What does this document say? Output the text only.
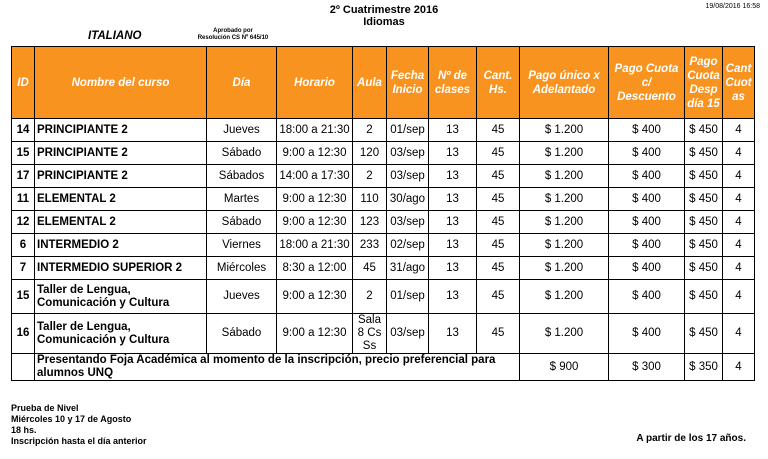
2º Cuatrimestre 2016
Idiomas
19/08/2016 16:58
ITALIANO	Aprobado por
Resolución CS Nº 645/10
ID	Nombre del curso	Día	Horario	Aula	Fecha Inicio	Nº de clases	Cant. Hs.	Pago único x Adelantado	Pago Cuota c/ Descuento	Pago Cuota Desp día 15	Cant Cuot as
14	PRINCIPIANTE 2	Jueves	18:00 a 21:30	2	01/sep	13	45	$ 1.200	$ 400	$ 450	4
15	PRINCIPIANTE 2	Sábado	9:00 a 12:30	120	03/sep	13	45	$ 1.200	$ 400	$ 450	4
17	PRINCIPIANTE 2	Sábados	14:00 a 17:30	2	03/sep	13	45	$ 1.200	$ 400	$ 450	4
11	ELEMENTAL 2	Martes	9:00 a 12:30	110	30/ago	13	45	$ 1.200	$ 400	$ 450	4
12	ELEMENTAL 2	Sábado	9:00 a 12:30	123	03/sep	13	45	$ 1.200	$ 400	$ 450	4
6	INTERMEDIO 2	Viernes	18:00 a 21:30	233	02/sep	13	45	$ 1.200	$ 400	$ 450	4
7	INTERMEDIO SUPERIOR 2	Miércoles	8:30 a 12:00	45	31/ago	13	45	$ 1.200	$ 400	$ 450	4
15	Taller de Lengua, Comunicación y Cultura	Jueves	9:00 a 12:30	2	01/sep	13	45	$ 1.200	$ 400	$ 450	4
16	Taller de Lengua, Comunicación y Cultura	Sábado	9:00 a 12:30	Sala 8 Cs Ss	03/sep	13	45	$ 1.200	$ 400	$ 450	4
	Presentando Foja Académica al momento de la inscripción, precio preferencial para alumnos UNQ							$ 900	$ 300	$ 350	4
Prueba de Nivel
Miércoles 10 y 17 de Agosto
18 hs.
Inscripción hasta el día anterior	A partir de los 17 años.
